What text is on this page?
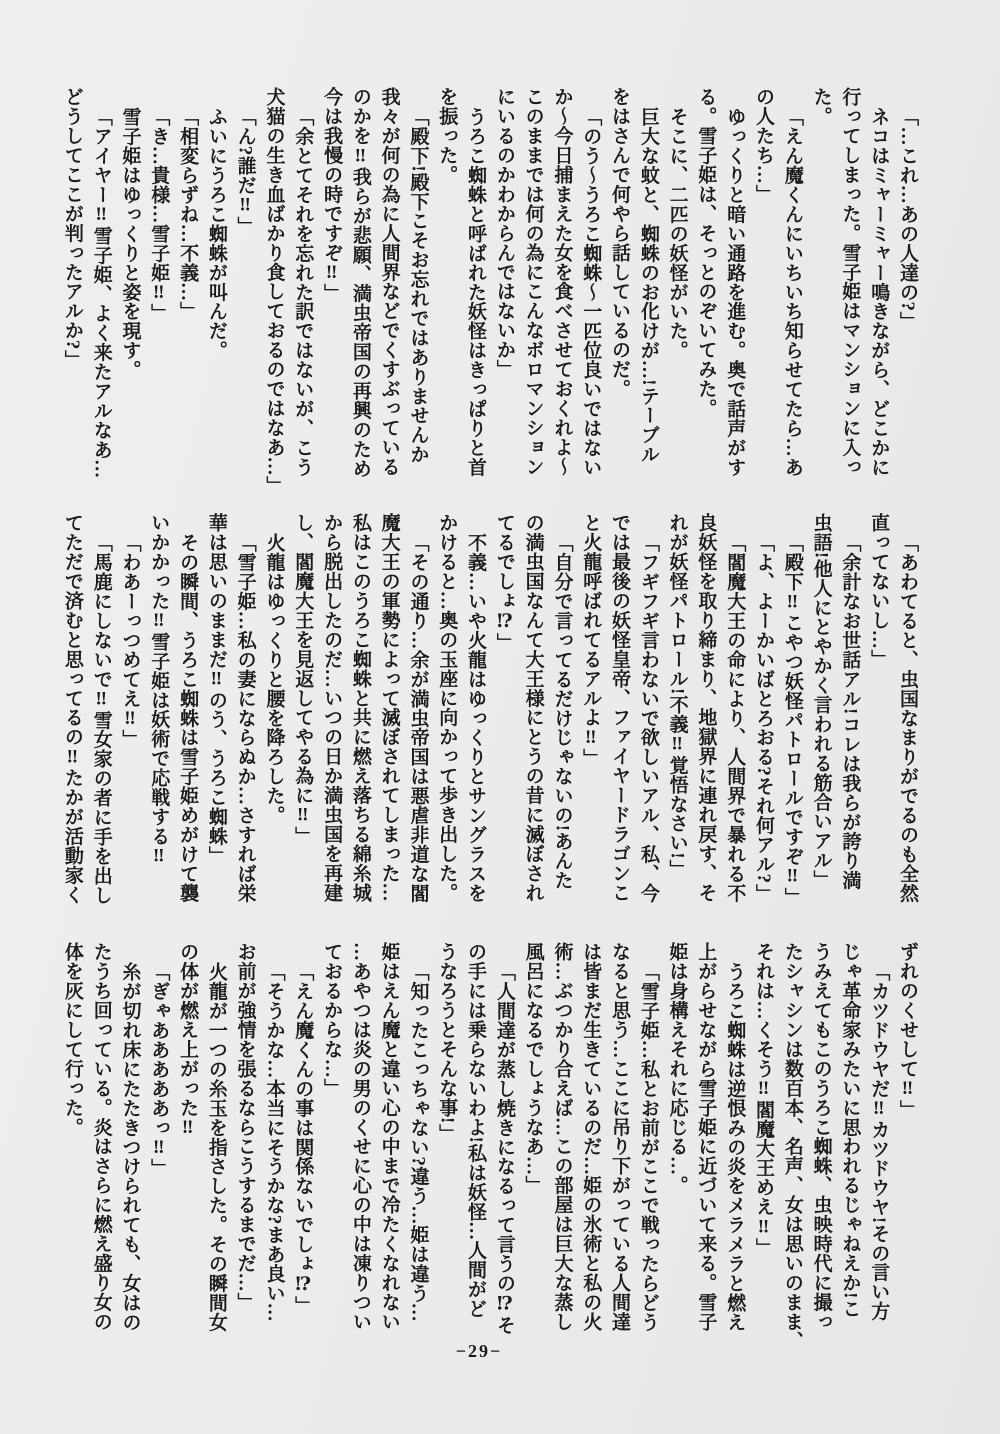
「…これ…あの人達の?」
ネコはミャーミャー鳴きながら、どこかに
行ってしまった。雪子姫はマンションに入っ
た。
「えん魔くんにいちいち知らせてたら…あ
の人たち…」
ゆっくりと暗い通路を進む。奥で話声がす
る。雪子姫は、そっとのぞいてみた。
そこに、二匹の妖怪がいた。
巨大な蚊と、蜘蛛のお化けが…!テーブル
をはさんで何やら話しているのだ。
「のう〜うろこ蜘蛛〜一匹位良いではない
か〜今日捕まえた女を食べさせておくれよ〜
このままでは何の為にこんなボロマンション
にいるのかわからんではないか」
うろこ蜘蛛と呼ばれた妖怪はきっぱりと首
を振った。
「殿下!殿下こそお忘れではありませんか
我々が何の為に人間界などでくすぶっている
のかを‼我らが悲願、満虫帝国の再興のため
今は我慢の時ですぞ‼」
「余とてそれを忘れた訳ではないが、こう
犬猫の生き血ばかり食しておるのではなあ…」
「ん?誰だ‼」
ふいにうろこ蜘蛛が叫んだ。
「相変らずね…不義…」
「き…貴様…雪子姫‼」
雪子姫はゆっくりと姿を現す。
「アイヤー‼雪子姫、よく来たアルなあ…
どうしてここが判ったアルか?」
「あわてると、虫国なまりがでるのも全然
直ってないし…」
「余計なお世話アル!コレは我らが誇り満
虫語!他人にとやかく言われる筋合いアル」
「殿下‼こやつ妖怪パトロールですぞ‼」
「よ、よーかいばとろおる?それ何アル?」
「閻魔大王の命により、人間界で暴れる不
良妖怪を取り締まり、地獄界に連れ戻す、そ
れが妖怪パトロール!不義‼覚悟なさい!」
「フギフギ言わないで欲しいアル、私、今
では最後の妖怪皇帝、ファイヤードラゴンこ
と火龍呼ばれてるアルよ‼」
「自分で言ってるだけじゃないの!あんた
の満虫国なんて大王様にとうの昔に滅ぼされ
てるでしょ⁉」
不義…いや火龍はゆっくりとサングラスを
かけると…奥の玉座に向かって歩き出した。
「その通り…余が満虫帝国は悪虐非道な閻
魔大王の軍勢によって滅ぼされてしまった…
私はこのうろこ蜘蛛と共に燃え落ちる綿糸城
から脱出したのだ…いつの日か満虫国を再建
し、閻魔大王を見返してやる為に‼」
火龍はゆっくりと腰を降ろした。
「雪子姫…私の妻にならぬか…さすれば栄
華は思いのままだ‼のう、うろこ蜘蛛」
その瞬間、うろこ蜘蛛は雪子姫めがけて襲
いかかった‼雪子姫は妖術で応戦する‼
「わあーっつめてえ‼」
「馬鹿にしないで‼雪女家の者に手を出し
てただで済むと思ってるの‼たかが活動家く
ずれのくせして‼」
「カツドウヤだ‼カツドウヤ!その言い方
じゃ革命家みたいに思われるじゃねえか!こ
うみえてもこのうろこ蜘蛛、虫映時代に撮っ
たシャシンは数百本、名声、女は思いのまま、
それは…くそう‼閻魔大王めえ‼」
うろこ蜘蛛は逆恨みの炎をメラメラと燃え
上がらせながら雪子姫に近づいて来る。雪子
姫は身構えそれに応じる…。
「雪子姫…私とお前がここで戦ったらどう
なると思う…ここに吊り下がっている人間達
は皆まだ生きているのだ…姫の氷術と私の火
術…ぶつかり合えば…この部屋は巨大な蒸し
風呂になるでしょうなあ…」
「人間達が蒸し焼きになるって言うの⁉そ
の手には乗らないわよ!私は妖怪…人間がど
うなろうとそんな事!」
「知ったこっちゃない?違う…姫は違う…
姫はえん魔と違い心の中まで冷たくなれない
…あやつは炎の男のくせに心の中は凍りつい
ておるからな…」
「えん魔くんの事は関係ないでしょ⁉」
「そうかな…本当にそうかな?まあ良い…
お前が強情を張るならこうするまでだ…」
火龍が一つの糸玉を指さした。その瞬間女
の体が燃え上がった‼
「ぎゃあああああっ‼」
糸が切れ床にたたきつけられても、女はの
たうち回っている。炎はさらに燃え盛り女の
体を灰にして行った。
−29−
